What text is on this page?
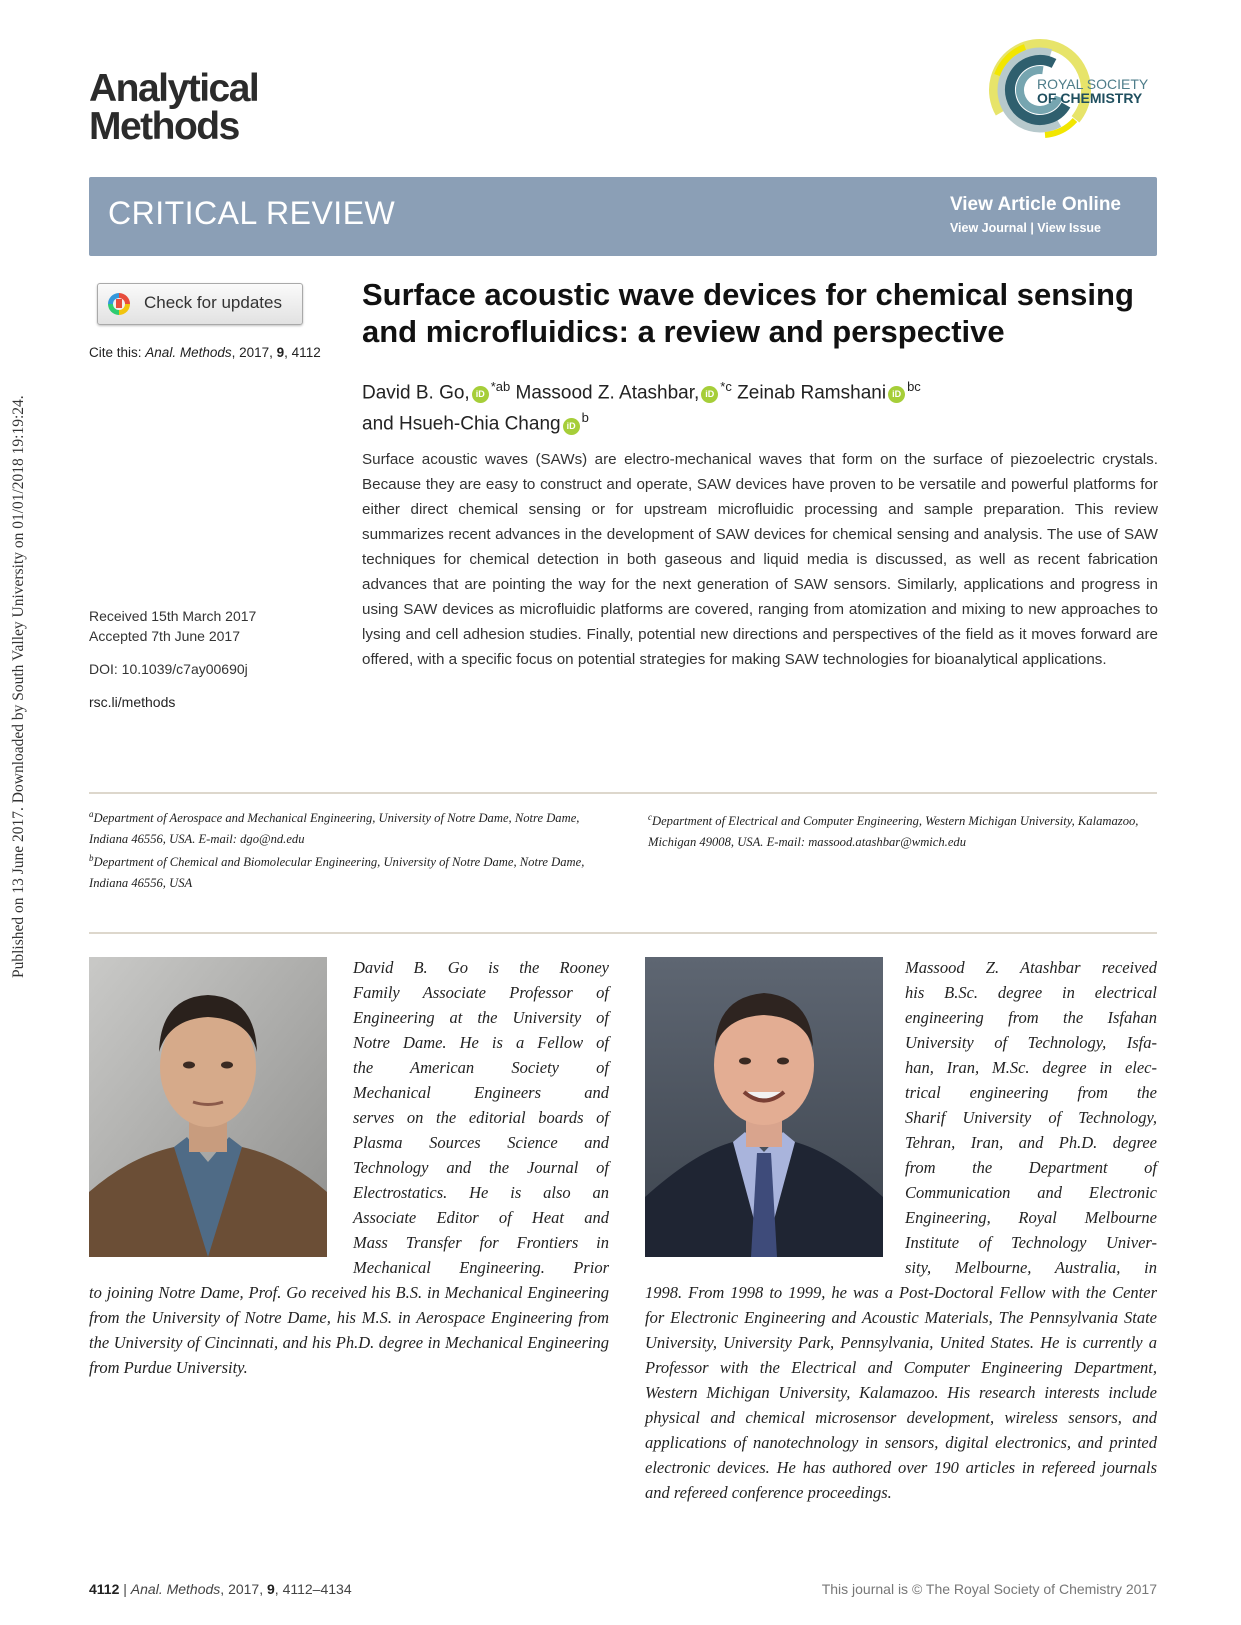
Published on 13 June 2017. Downloaded by South Valley University on 01/01/2018 19:19:24.
Analytical
Methods
ROYAL SOCIETY
OF CHEMISTRY
CRITICAL REVIEW	View Article Online
View Journal | View Issue
Check for updates
Cite this: Anal. Methods, 2017, 9, 4112
Received 15th March 2017
Accepted 7th June 2017
DOI: 10.1039/c7ay00690j
rsc.li/methods
Surface acoustic wave devices for chemical sensing
and microfluidics: a review and perspective
David B. Go, $iD^{*ab}$ Massood Z. Atashbar, $iD^{*c}$ Zeinab Ramshani $iD^{bc}$
and Hsueh-Chia Chang $iD^b$
Surface acoustic waves (SAWs) are electro-mechanical waves that form on the surface of piezoelectric crystals. Because they are easy to construct and operate, SAW devices have proven to be versatile and powerful platforms for either direct chemical sensing or for upstream microfluidic processing and sample preparation. This review summarizes recent advances in the development of SAW devices for chemical sensing and analysis. The use of SAW techniques for chemical detection in both gaseous and liquid media is discussed, as well as recent fabrication advances that are pointing the way for the next generation of SAW sensors. Similarly, applications and progress in using SAW devices as microfluidic platforms are covered, ranging from atomization and mixing to new approaches to lysing and cell adhesion studies. Finally, potential new directions and perspectives of the field as it moves forward are offered, with a specific focus on potential strategies for making SAW technologies for bioanalytical applications.
$^a$Department of Aerospace and Mechanical Engineering, University of Notre Dame, Notre Dame, Indiana 46556, USA. E-mail: dgo@nd.edu
$^b$Department of Chemical and Biomolecular Engineering, University of Notre Dame, Notre Dame, Indiana 46556, USA
$^c$Department of Electrical and Computer Engineering, Western Michigan University, Kalamazoo, Michigan 49008, USA. E-mail: massood.atashbar@wmich.edu
David B. Go is the Rooney
Family Associate Professor of
Engineering at the University of
Notre Dame. He is a Fellow of
the American Society of
Mechanical Engineers and
serves on the editorial boards of
Plasma Sources Science and
Technology and the Journal of
Electrostatics. He is also an
Associate Editor of Heat and
Mass Transfer for Frontiers in
Mechanical Engineering. Prior
to joining Notre Dame, Prof. Go received his B.S. in Mechanical Engineering from the University of Notre Dame, his M.S. in Aerospace Engineering from the University of Cincinnati, and his Ph.D. degree in Mechanical Engineering from Purdue University.
Massood Z. Atashbar received
his B.Sc. degree in electrical
engineering from the Isfahan
University of Technology, Isfa-
han, Iran, M.Sc. degree in elec-
trical engineering from the
Sharif University of Technology,
Tehran, Iran, and Ph.D. degree
from the Department of
Communication and Electronic
Engineering, Royal Melbourne
Institute of Technology Univer-
sity, Melbourne, Australia, in
1998. From 1998 to 1999, he was a Post-Doctoral Fellow with the Center for Electronic Engineering and Acoustic Materials, The Pennsylvania State University, University Park, Pennsylvania, United States. He is currently a Professor with the Electrical and Computer Engineering Department, Western Michigan University, Kalamazoo. His research interests include physical and chemical microsensor development, wireless sensors, and applications of nanotechnology in sensors, digital electronics, and printed electronic devices. He has authored over 190 articles in refereed journals and refereed conference proceedings.
4112 | Anal. Methods, 2017, 9, 4112–4134	This journal is © The Royal Society of Chemistry 2017
